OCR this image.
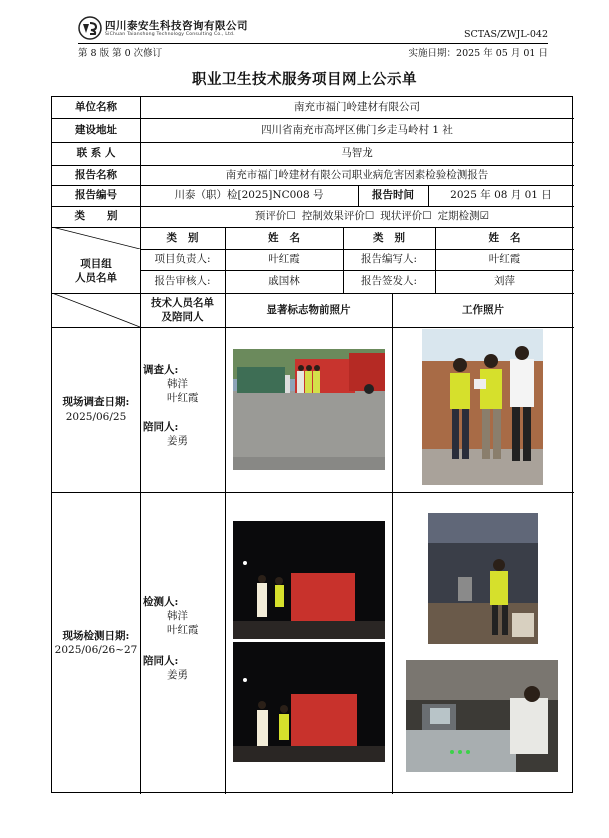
四川泰安生科技咨询有限公司
SiChuan Taianshong Technology Consulting Co., Ltd.	SCTAS/ZWJL-042
第 8 版 第 0 次修订	实施日期：2025 年 05 月 01 日
职业卫生技术服务项目网上公示单
单位名称	南充市福门岭建材有限公司
建设地址	四川省南充市高坪区佛门乡走马岭村 1 社
联 系 人	马智龙
报告名称	南充市福门岭建材有限公司职业病危害因素检验检测报告
报告编号	川泰（职）检[2025]NC008 号	报告时间	2025 年 08 月 01 日
类      别	预评价☐ 控制效果评价☐ 现状评价☐ 定期检测☑
项目组
人员名单
类   别	姓   名	类   别	姓   名
项目负责人:	叶红霞	报告编写人:	叶红霞
报告审核人:	戚国林	报告签发人:	刘萍
技术人员名单
及陪同人
显著标志物前照片	工作照片
现场调查日期:
2025/06/25
调查人:
韩洋
叶红霞
陪同人:
姜勇
现场检测日期:
2025/06/26~27
检测人:
韩洋
叶红霞
陪同人:
姜勇
